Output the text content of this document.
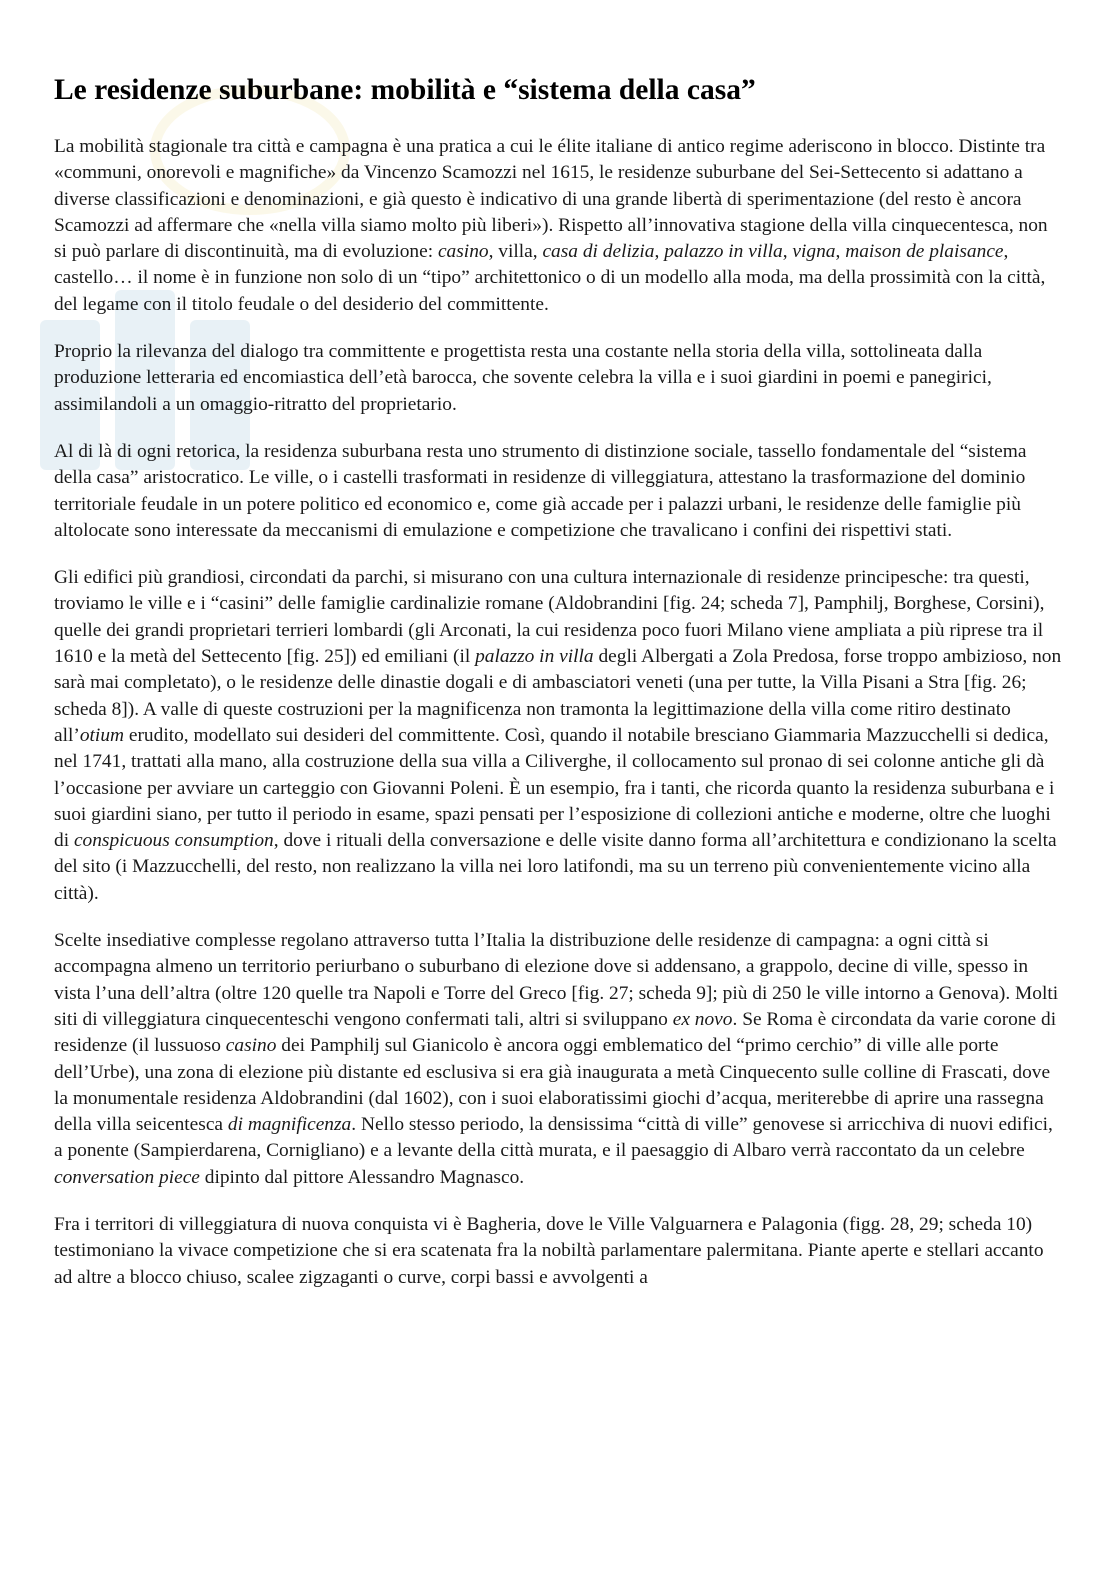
Le residenze suburbane: mobilità e “sistema della casa”

La mobilità stagionale tra città e campagna è una pratica a cui le élite italiane di antico regime aderiscono in blocco. Distinte tra «communi, onorevoli e magnifiche» da Vincenzo Scamozzi nel 1615, le residenze suburbane del Sei-Settecento si adattano a diverse classificazioni e denominazioni, e già questo è indicativo di una grande libertà di sperimentazione (del resto è ancora Scamozzi ad affermare che «nella villa siamo molto più liberi»). Rispetto all’innovativa stagione della villa cinquecentesca, non si può parlare di discontinuità, ma di evoluzione: casino, villa, casa di delizia, palazzo in villa, vigna, maison de plaisance, castello… il nome è in funzione non solo di un “tipo” architettonico o di un modello alla moda, ma della prossimità con la città, del legame con il titolo feudale o del desiderio del committente.

Proprio la rilevanza del dialogo tra committente e progettista resta una costante nella storia della villa, sottolineata dalla produzione letteraria ed encomiastica dell’età barocca, che sovente celebra la villa e i suoi giardini in poemi e panegirici, assimilandoli a un omaggio-ritratto del proprietario.

Al di là di ogni retorica, la residenza suburbana resta uno strumento di distinzione sociale, tassello fondamentale del “sistema della casa” aristocratico. Le ville, o i castelli trasformati in residenze di villeggiatura, attestano la trasformazione del dominio territoriale feudale in un potere politico ed economico e, come già accade per i palazzi urbani, le residenze delle famiglie più altolocate sono interessate da meccanismi di emulazione e competizione che travalicano i confini dei rispettivi stati.

Gli edifici più grandiosi, circondati da parchi, si misurano con una cultura internazionale di residenze principesche: tra questi, troviamo le ville e i “casini” delle famiglie cardinalizie romane (Aldobrandini [fig. 24; scheda 7], Pamphilj, Borghese, Corsini), quelle dei grandi proprietari terrieri lombardi (gli Arconati, la cui residenza poco fuori Milano viene ampliata a più riprese tra il 1610 e la metà del Settecento [fig. 25]) ed emiliani (il palazzo in villa degli Albergati a Zola Predosa, forse troppo ambizioso, non sarà mai completato), o le residenze delle dinastie dogali e di ambasciatori veneti (una per tutte, la Villa Pisani a Stra [fig. 26; scheda 8]). A valle di queste costruzioni per la magnificenza non tramonta la legittimazione della villa come ritiro destinato all’otium erudito, modellato sui desideri del committente. Così, quando il notabile bresciano Giammaria Mazzucchelli si dedica, nel 1741, trattati alla mano, alla costruzione della sua villa a Ciliverghe, il collocamento sul pronao di sei colonne antiche gli dà l’occasione per avviare un carteggio con Giovanni Poleni. È un esempio, fra i tanti, che ricorda quanto la residenza suburbana e i suoi giardini siano, per tutto il periodo in esame, spazi pensati per l’esposizione di collezioni antiche e moderne, oltre che luoghi di conspicuous consumption, dove i rituali della conversazione e delle visite danno forma all’architettura e condizionano la scelta del sito (i Mazzucchelli, del resto, non realizzano la villa nei loro latifondi, ma su un terreno più convenientemente vicino alla città).

Scelte insediative complesse regolano attraverso tutta l’Italia la distribuzione delle residenze di campagna: a ogni città si accompagna almeno un territorio periurbano o suburbano di elezione dove si addensano, a grappolo, decine di ville, spesso in vista l’una dell’altra (oltre 120 quelle tra Napoli e Torre del Greco [fig. 27; scheda 9]; più di 250 le ville intorno a Genova). Molti siti di villeggiatura cinquecenteschi vengono confermati tali, altri si sviluppano ex novo. Se Roma è circondata da varie corone di residenze (il lussuoso casino dei Pamphilj sul Gianicolo è ancora oggi emblematico del “primo cerchio” di ville alle porte dell’Urbe), una zona di elezione più distante ed esclusiva si era già inaugurata a metà Cinquecento sulle colline di Frascati, dove la monumentale residenza Aldobrandini (dal 1602), con i suoi elaboratissimi giochi d’acqua, meriterebbe di aprire una rassegna della villa seicentesca di magnificenza. Nello stesso periodo, la densissima “città di ville” genovese si arricchiva di nuovi edifici, a ponente (Sampierdarena, Cornigliano) e a levante della città murata, e il paesaggio di Albaro verrà raccontato da un celebre conversation piece dipinto dal pittore Alessandro Magnasco.

Fra i territori di villeggiatura di nuova conquista vi è Bagheria, dove le Ville Valguarnera e Palagonia (figg. 28, 29; scheda 10) testimoniano la vivace competizione che si era scatenata fra la nobiltà parlamentare palermitana. Piante aperte e stellari accanto ad altre a blocco chiuso, scalee zigzaganti o curve, corpi bassi e avvolgenti a
